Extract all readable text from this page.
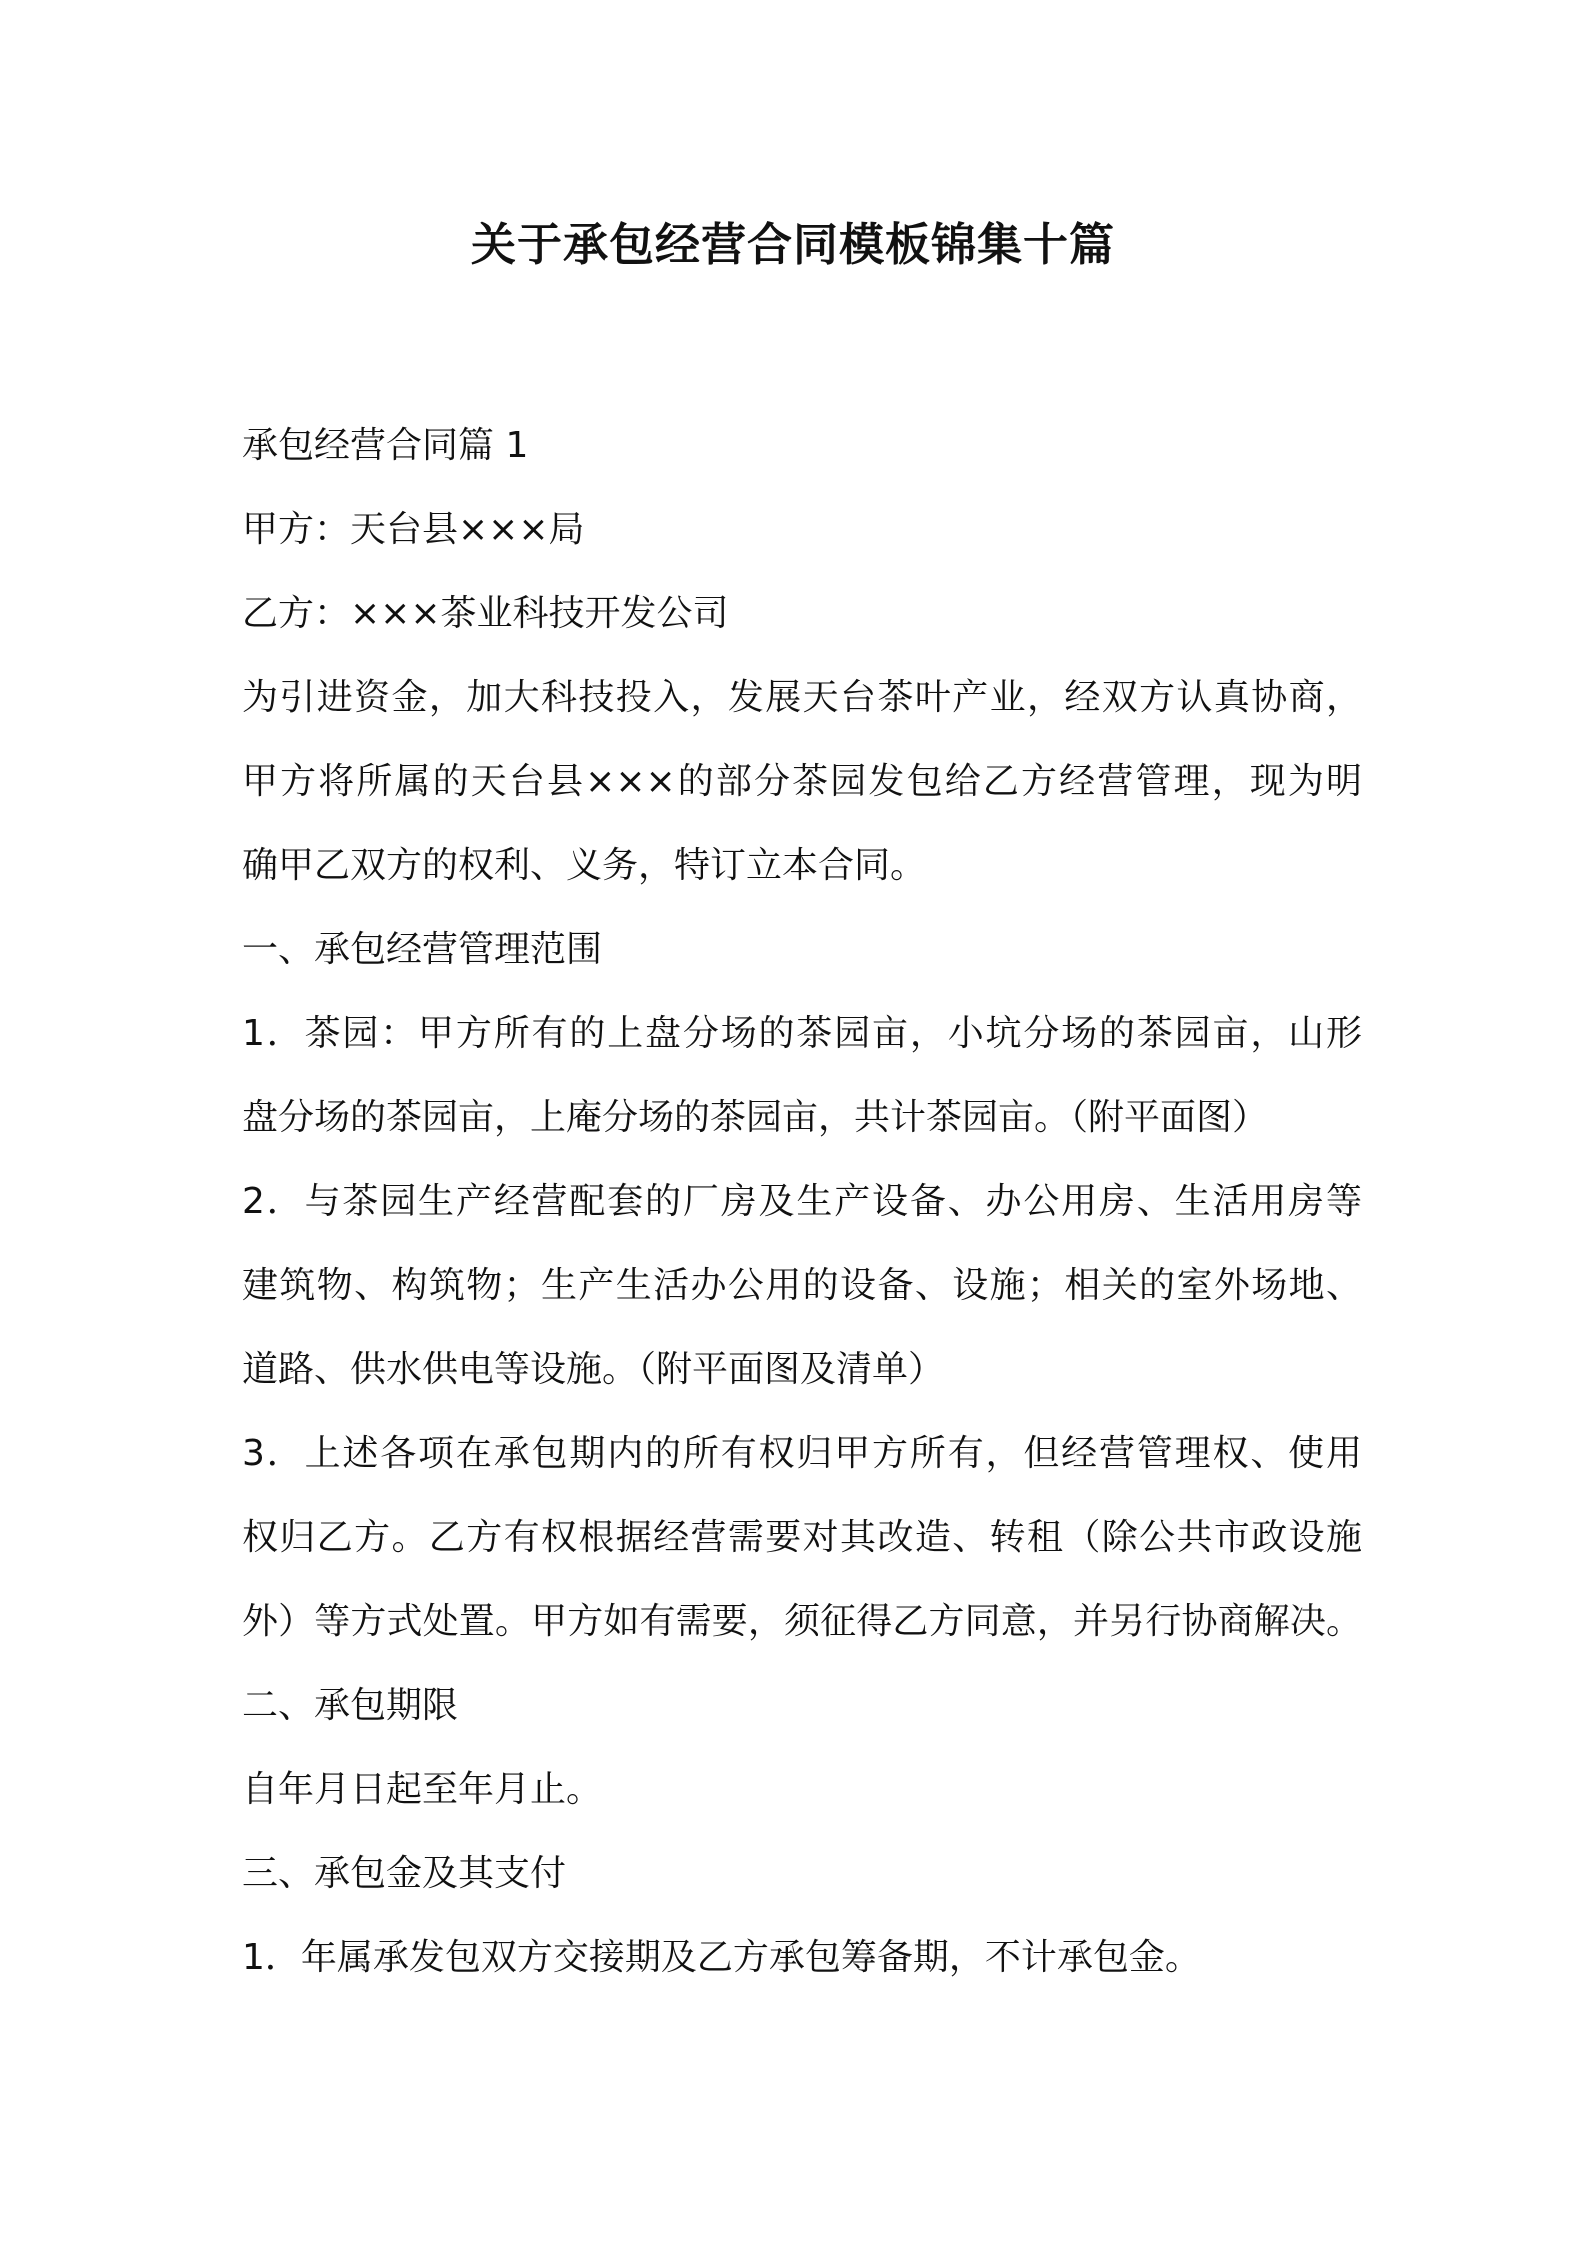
关于承包经营合同模板锦集十篇
承包经营合同篇 1
甲方：天台县×××局
乙方：×××茶业科技开发公司
为引进资金，加大科技投入，发展天台茶叶产业，经双方认真协商，
甲方将所属的天台县×××的部分茶园发包给乙方经营管理，现为明
确甲乙双方的权利、义务，特订立本合同。
一、承包经营管理范围
1．茶园：甲方所有的上盘分场的茶园亩，小坑分场的茶园亩，山形
盘分场的茶园亩，上庵分场的茶园亩，共计茶园亩。（附平面图）
2．与茶园生产经营配套的厂房及生产设备、办公用房、生活用房等
建筑物、构筑物；生产生活办公用的设备、设施；相关的室外场地、
道路、供水供电等设施。（附平面图及清单）
3．上述各项在承包期内的所有权归甲方所有，但经营管理权、使用
权归乙方。乙方有权根据经营需要对其改造、转租（除公共市政设施
外）等方式处置。甲方如有需要，须征得乙方同意，并另行协商解决。
二、承包期限
自年月日起至年月止。
三、承包金及其支付
1．年属承发包双方交接期及乙方承包筹备期，不计承包金。
